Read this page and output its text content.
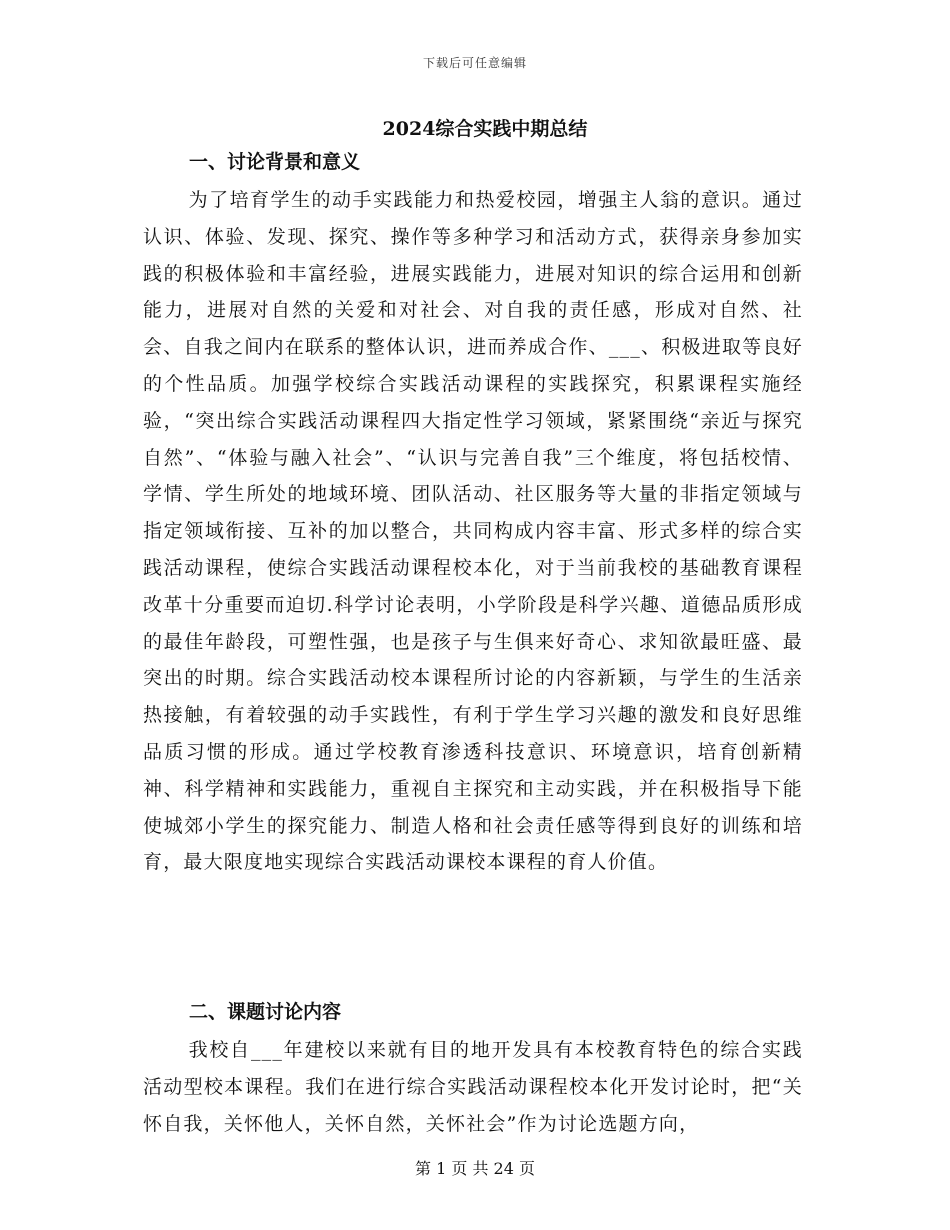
下载后可任意编辑
2024综合实践中期总结
一、讨论背景和意义

为了培育学生的动手实践能力和热爱校园，增强主人翁的意识。通过认识、体验、发现、探究、操作等多种学习和活动方式，获得亲身参加实践的积极体验和丰富经验，进展实践能力，进展对知识的综合运用和创新能力，进展对自然的关爱和对社会、对自我的责任感，形成对自然、社会、自我之间内在联系的整体认识，进而养成合作、___、积极进取等良好的个性品质。加强学校综合实践活动课程的实践探究，积累课程实施经验，“突出综合实践活动课程四大指定性学习领域，紧紧围绕“亲近与探究自然”、“体验与融入社会”、“认识与完善自我”三个维度，将包括校情、学情、学生所处的地域环境、团队活动、社区服务等大量的非指定领域与指定领域衔接、互补的加以整合，共同构成内容丰富、形式多样的综合实践活动课程，使综合实践活动课程校本化，对于当前我校的基础教育课程改革十分重要而迫切.科学讨论表明，小学阶段是科学兴趣、道德品质形成的最佳年龄段，可塑性强，也是孩子与生俱来好奇心、求知欲最旺盛、最突出的时期。综合实践活动校本课程所讨论的内容新颖，与学生的生活亲热接触，有着较强的动手实践性，有利于学生学习兴趣的激发和良好思维品质习惯的形成。通过学校教育渗透科技意识、环境意识，培育创新精神、科学精神和实践能力，重视自主探究和主动实践，并在积极指导下能使城郊小学生的探究能力、制造人格和社会责任感等得到良好的训练和培育，最大限度地实现综合实践活动课校本课程的育人价值。

二、课题讨论内容

我校自___年建校以来就有目的地开发具有本校教育特色的综合实践活动型校本课程。我们在进行综合实践活动课程校本化开发讨论时，把“关怀自我，关怀他人，关怀自然，关怀社会”作为讨论选题方向，

第 1 页 共 24 页
